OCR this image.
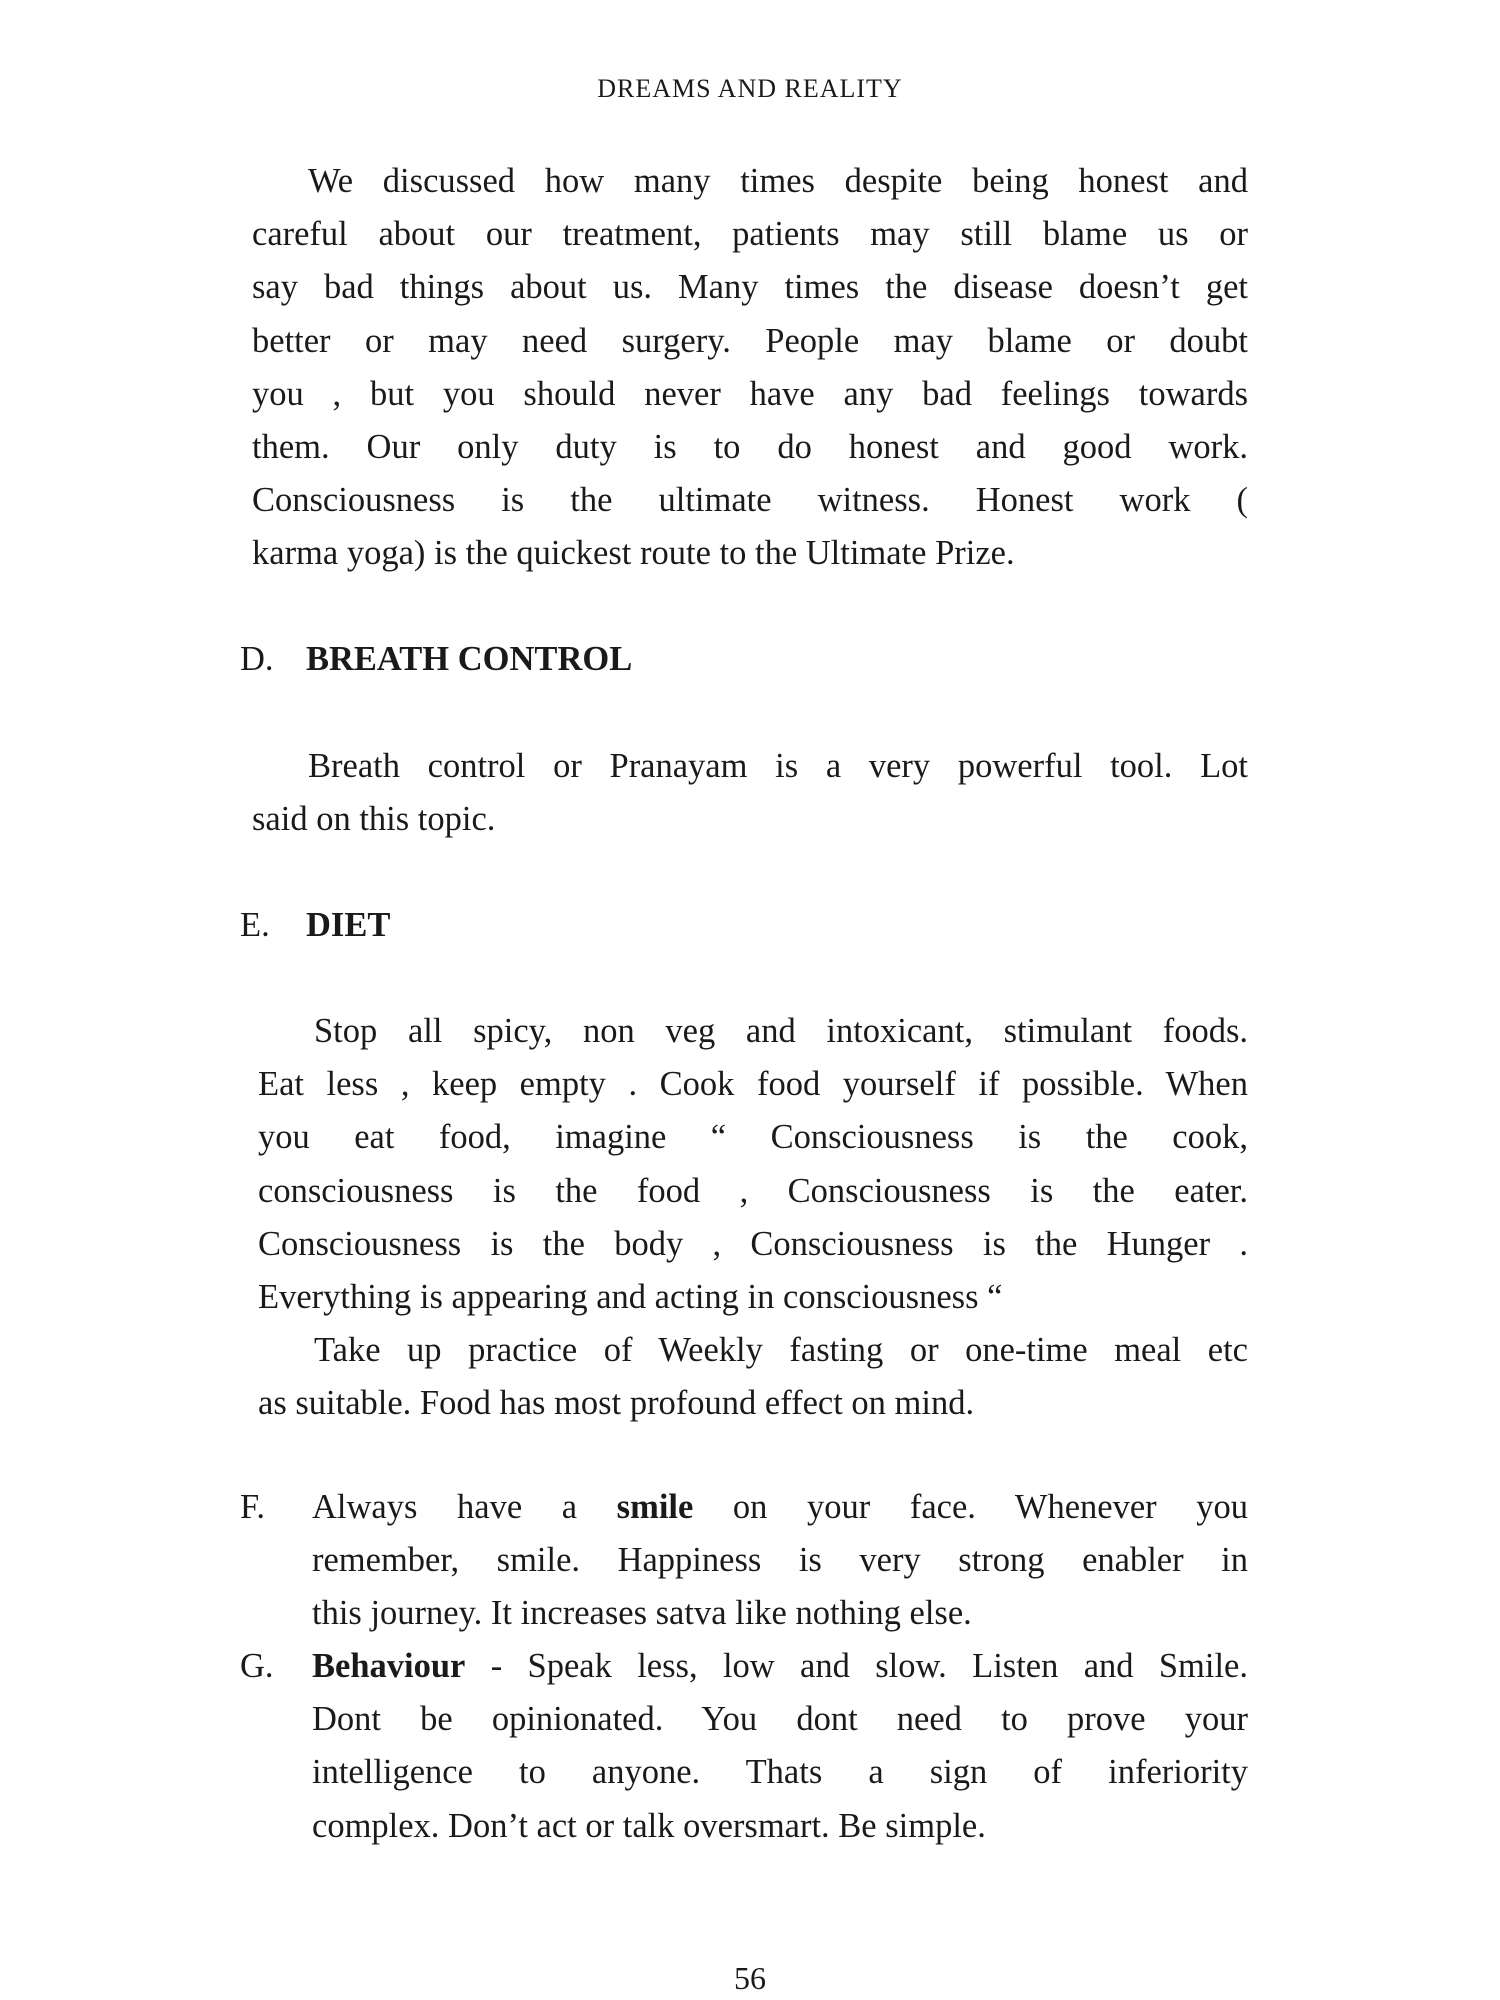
DREAMS AND REALITY

We discussed how many times despite being honest and
careful about our treatment, patients may still blame us or
say bad things about us. Many times the disease doesn’t get
better or may need surgery. People may blame or doubt
you , but you should never have any bad feelings towards
them. Our only duty is to do honest and good work.
Consciousness is the ultimate witness. Honest work (
karma yoga) is the quickest route to the Ultimate Prize.

D. BREATH CONTROL

Breath control or Pranayam is a very powerful tool. Lot
said on this topic.

E. DIET

Stop all spicy, non veg and intoxicant, stimulant foods.
Eat less , keep empty . Cook food yourself if possible. When
you eat food, imagine “ Consciousness is the cook,
consciousness is the food , Consciousness is the eater.
Consciousness is the body , Consciousness is the Hunger .
Everything is appearing and acting in consciousness “

Take up practice of Weekly fasting or one-time meal etc
as suitable. Food has most profound effect on mind.

F. Always have a smile on your face. Whenever you
remember, smile. Happiness is very strong enabler in
this journey. It increases satva like nothing else.
G. Behaviour - Speak less, low and slow. Listen and Smile.
Dont be opinionated. You dont need to prove your
intelligence to anyone. Thats a sign of inferiority
complex. Don’t act or talk oversmart. Be simple.
56
